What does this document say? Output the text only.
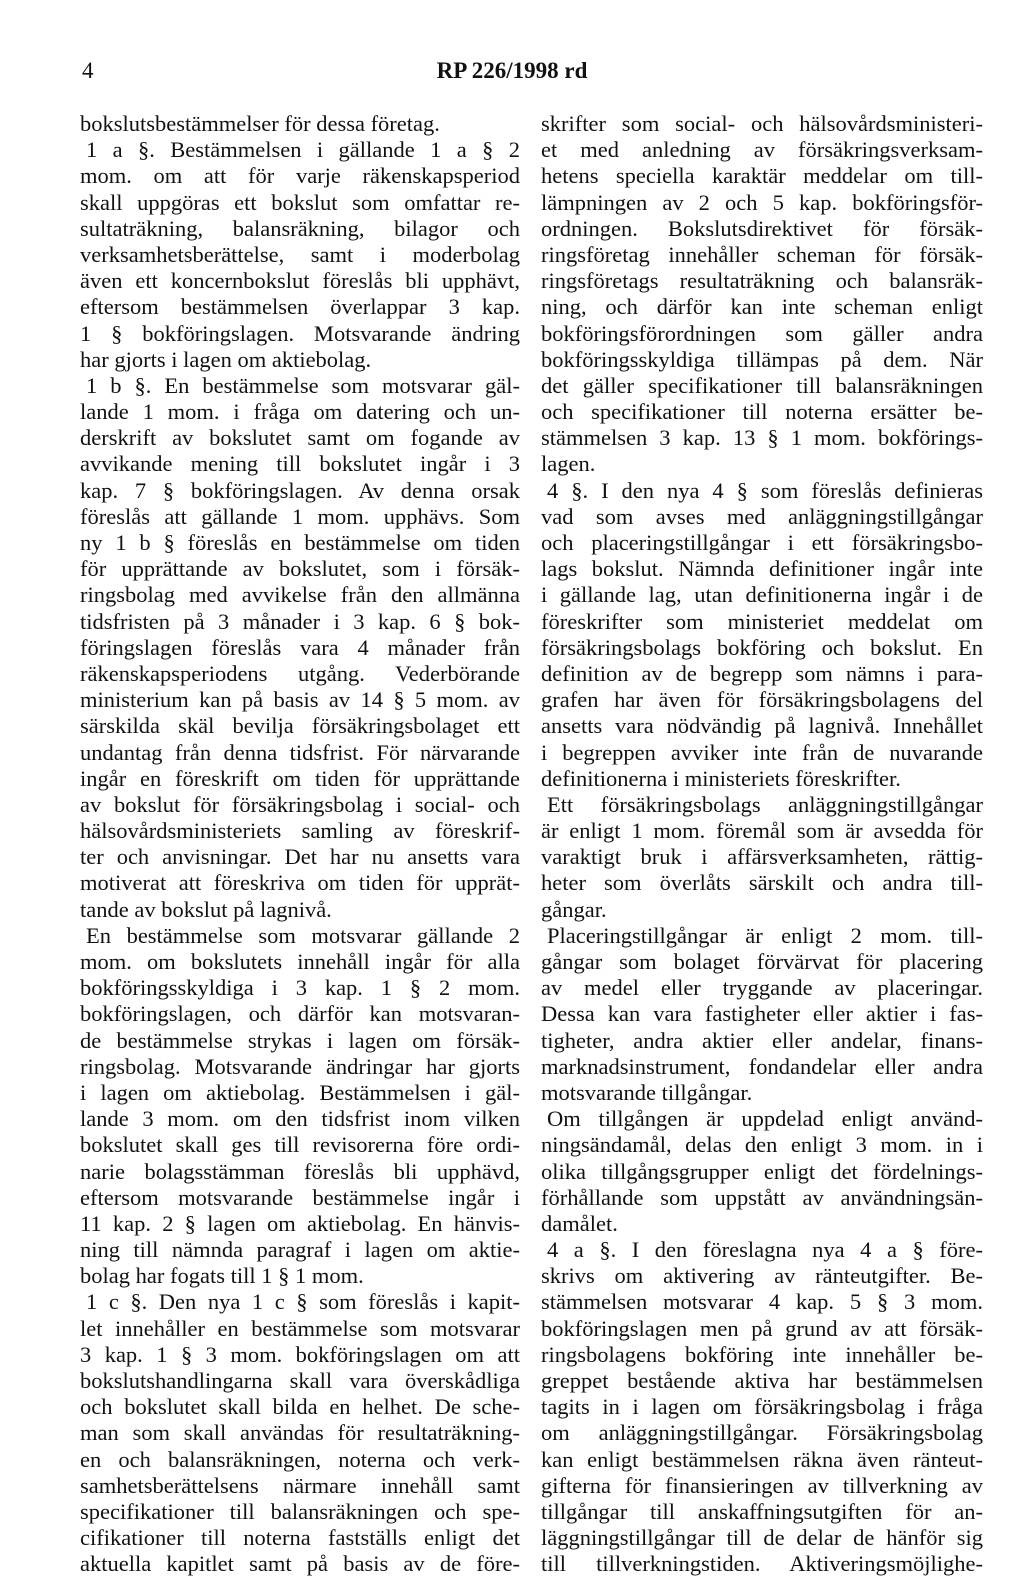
4	RP 226/1998 rd
bokslutsbestämmelser för dessa företag.
1 a §. Bestämmelsen i gällande 1 a § 2
mom. om att för varje räkenskapsperiod
skall uppgöras ett bokslut som omfattar re-
sultaträkning, balansräkning, bilagor och
verksamhetsberättelse, samt i moderbolag
även ett koncernbokslut föreslås bli upphävt,
eftersom bestämmelsen överlappar 3 kap.
1 § bokföringslagen. Motsvarande ändring
har gjorts i lagen om aktiebolag.
1 b §. En bestämmelse som motsvarar gäl-
lande 1 mom. i fråga om datering och un-
derskrift av bokslutet samt om fogande av
avvikande mening till bokslutet ingår i 3
kap. 7 § bokföringslagen. Av denna orsak
föreslås att gällande 1 mom. upphävs. Som
ny 1 b § föreslås en bestämmelse om tiden
för upprättande av bokslutet, som i försäk-
ringsbolag med avvikelse från den allmänna
tidsfristen på 3 månader i 3 kap. 6 § bok-
föringslagen föreslås vara 4 månader från
räkenskapsperiodens utgång. Vederbörande
ministerium kan på basis av 14 § 5 mom. av
särskilda skäl bevilja försäkringsbolaget ett
undantag från denna tidsfrist. För närvarande
ingår en föreskrift om tiden för upprättande
av bokslut för försäkringsbolag i social- och
hälsovårdsministeriets samling av föreskrif-
ter och anvisningar. Det har nu ansetts vara
motiverat att föreskriva om tiden för upprät-
tande av bokslut på lagnivå.
En bestämmelse som motsvarar gällande 2
mom. om bokslutets innehåll ingår för alla
bokföringsskyldiga i 3 kap. 1 § 2 mom.
bokföringslagen, och därför kan motsvaran-
de bestämmelse strykas i lagen om försäk-
ringsbolag. Motsvarande ändringar har gjorts
i lagen om aktiebolag. Bestämmelsen i gäl-
lande 3 mom. om den tidsfrist inom vilken
bokslutet skall ges till revisorerna före ordi-
narie bolagsstämman föreslås bli upphävd,
eftersom motsvarande bestämmelse ingår i
11 kap. 2 § lagen om aktiebolag. En hänvis-
ning till nämnda paragraf i lagen om aktie-
bolag har fogats till 1 § 1 mom.
1 c §. Den nya 1 c § som föreslås i kapit-
let innehåller en bestämmelse som motsvarar
3 kap. 1 § 3 mom. bokföringslagen om att
bokslutshandlingarna skall vara överskådliga
och bokslutet skall bilda en helhet. De sche-
man som skall användas för resultaträkning-
en och balansräkningen, noterna och verk-
samhetsberättelsens närmare innehåll samt
specifikationer till balansräkningen och spe-
cifikationer till noterna fastställs enligt det
aktuella kapitlet samt på basis av de före-
skrifter som social- och hälsovårdsministeri-
et med anledning av försäkringsverksam-
hetens speciella karaktär meddelar om till-
lämpningen av 2 och 5 kap. bokföringsför-
ordningen. Bokslutsdirektivet för försäk-
ringsföretag innehåller scheman för försäk-
ringsföretags resultaträkning och balansräk-
ning, och därför kan inte scheman enligt
bokföringsförordningen som gäller andra
bokföringsskyldiga tillämpas på dem. När
det gäller specifikationer till balansräkningen
och specifikationer till noterna ersätter be-
stämmelsen 3 kap. 13 § 1 mom. bokförings-
lagen.
4 §. I den nya 4 § som föreslås definieras
vad som avses med anläggningstillgångar
och placeringstillgångar i ett försäkringsbo-
lags bokslut. Nämnda definitioner ingår inte
i gällande lag, utan definitionerna ingår i de
föreskrifter som ministeriet meddelat om
försäkringsbolags bokföring och bokslut. En
definition av de begrepp som nämns i para-
grafen har även för försäkringsbolagens del
ansetts vara nödvändig på lagnivå. Innehållet
i begreppen avviker inte från de nuvarande
definitionerna i ministeriets föreskrifter.
Ett försäkringsbolags anläggningstillgångar
är enligt 1 mom. föremål som är avsedda för
varaktigt bruk i affärsverksamheten, rättig-
heter som överlåts särskilt och andra till-
gångar.
Placeringstillgångar är enligt 2 mom. till-
gångar som bolaget förvärvat för placering
av medel eller tryggande av placeringar.
Dessa kan vara fastigheter eller aktier i fas-
tigheter, andra aktier eller andelar, finans-
marknadsinstrument, fondandelar eller andra
motsvarande tillgångar.
Om tillgången är uppdelad enligt använd-
ningsändamål, delas den enligt 3 mom. in i
olika tillgångsgrupper enligt det fördelnings-
förhållande som uppstått av användningsän-
damålet.
4 a §. I den föreslagna nya 4 a § före-
skrivs om aktivering av ränteutgifter. Be-
stämmelsen motsvarar 4 kap. 5 § 3 mom.
bokföringslagen men på grund av att försäk-
ringsbolagens bokföring inte innehåller be-
greppet bestående aktiva har bestämmelsen
tagits in i lagen om försäkringsbolag i fråga
om anläggningstillgångar. Försäkringsbolag
kan enligt bestämmelsen räkna även ränteut-
gifterna för finansieringen av tillverkning av
tillgångar till anskaffningsutgiften för an-
läggningstillgångar till de delar de hänför sig
till tillverkningstiden. Aktiveringsmöjlighe-
